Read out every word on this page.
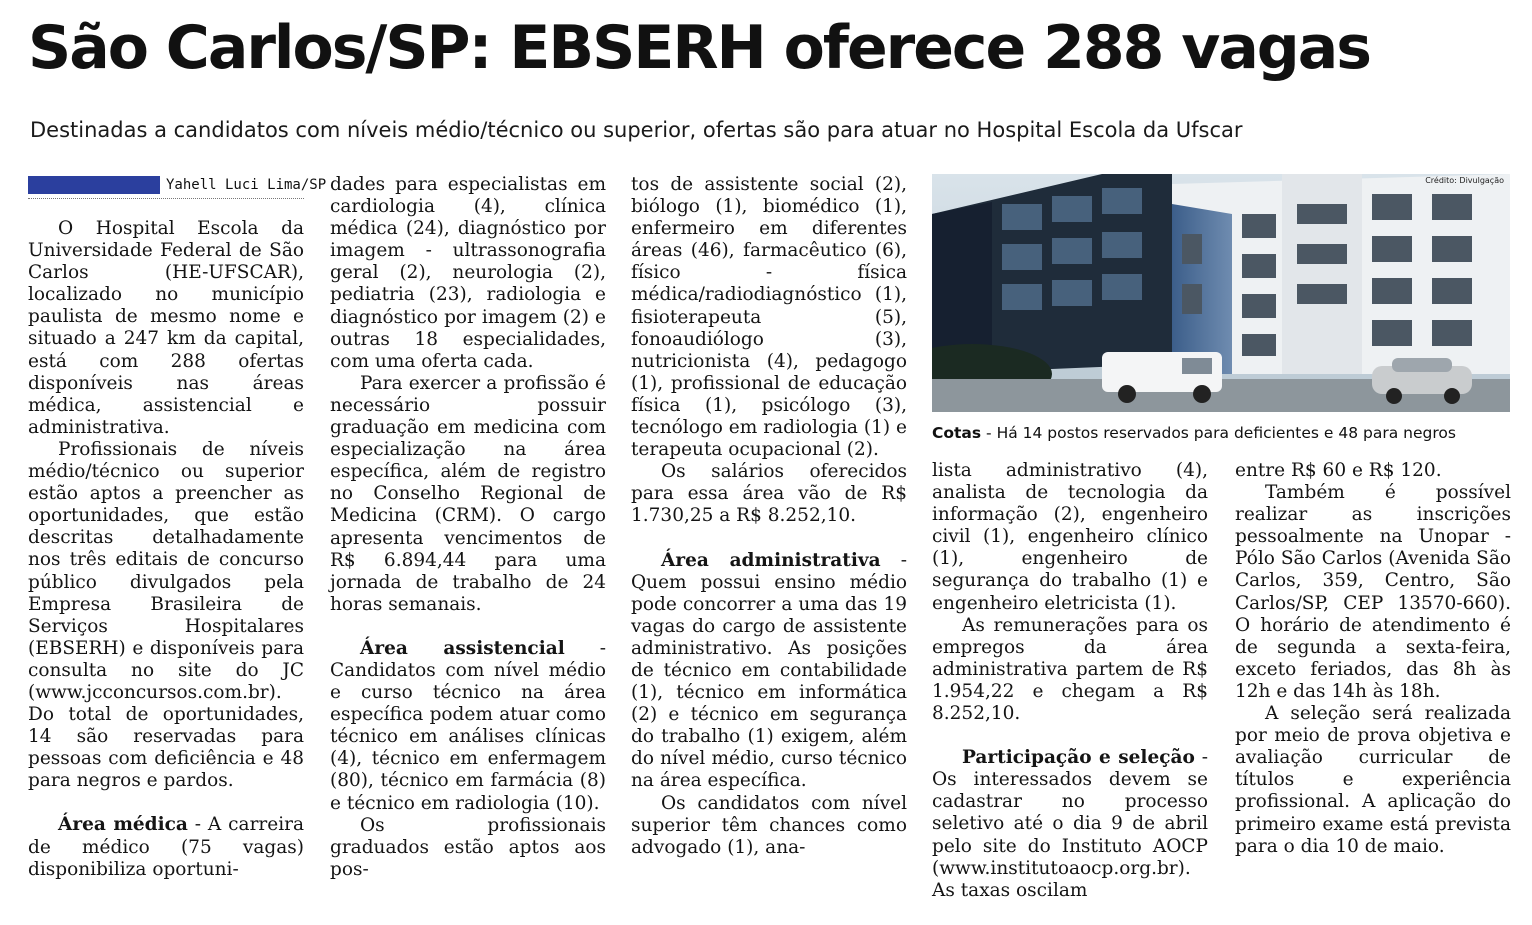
São Carlos/SP: EBSERH oferece 288 vagas
Destinadas a candidatos com níveis médio/técnico ou superior, ofertas são para atuar no Hospital Escola da Ufscar
Yahell Luci Lima/SP

O Hospital Escola da Universidade Federal de São Carlos (HE-UFSCAR), localizado no município paulista de mesmo nome e situado a 247 km da capital, está com 288 ofertas disponíveis nas áreas médica, assistencial e administrativa.

Profissionais de níveis médio/técnico ou superior estão aptos a preencher as oportunidades, que estão descritas detalhadamente nos três editais de concurso público divulgados pela Empresa Brasileira de Serviços Hospitalares (EBSERH) e disponíveis para consulta no site do JC (www.jcconcursos.com.br). Do total de oportunidades, 14 são reservadas para pessoas com deficiência e 48 para negros e pardos.

Área médica - A carreira de médico (75 vagas) disponibiliza oportuni-

dades para especialistas em cardiologia (4), clínica médica (24), diagnóstico por imagem - ultrassonografia geral (2), neurologia (2), pediatria (23), radiologia e diagnóstico por imagem (2) e outras 18 especialidades, com uma oferta cada.

Para exercer a profissão é necessário possuir graduação em medicina com especialização na área específica, além de registro no Conselho Regional de Medicina (CRM). O cargo apresenta vencimentos de R$ 6.894,44 para uma jornada de trabalho de 24 horas semanais.

Área assistencial - Candidatos com nível médio e curso técnico na área específica podem atuar como técnico em análises clínicas (4), técnico em enfermagem (80), técnico em farmácia (8) e técnico em radiologia (10).

Os profissionais graduados estão aptos aos pos-

tos de assistente social (2), biólogo (1), biomédico (1), enfermeiro em diferentes áreas (46), farmacêutico (6), físico - física médica/radiodiagnóstico (1), fisioterapeuta (5), fonoaudiólogo (3), nutricionista (4), pedagogo (1), profissional de educação física (1), psicólogo (3), tecnólogo em radiologia (1) e terapeuta ocupacional (2).

Os salários oferecidos para essa área vão de R$ 1.730,25 a R$ 8.252,10.

Área administrativa - Quem possui ensino médio pode concorrer a uma das 19 vagas do cargo de assistente administrativo. As posições de técnico em contabilidade (1), técnico em informática (2) e técnico em segurança do trabalho (1) exigem, além do nível médio, curso técnico na área específica.

Os candidatos com nível superior têm chances como advogado (1), ana-

Crédito: Divulgação
Cotas - Há 14 postos reservados para deficientes e 48 para negros

lista administrativo (4), analista de tecnologia da informação (2), engenheiro civil (1), engenheiro clínico (1), engenheiro de segurança do trabalho (1) e engenheiro eletricista (1).

As remunerações para os empregos da área administrativa partem de R$ 1.954,22 e chegam a R$ 8.252,10.

Participação e seleção - Os interessados devem se cadastrar no processo seletivo até o dia 9 de abril pelo site do Instituto AOCP (www.institutoaocp.org.br). As taxas oscilam

entre R$ 60 e R$ 120.

Também é possível realizar as inscrições pessoalmente na Unopar - Pólo São Carlos (Avenida São Carlos, 359, Centro, São Carlos/SP, CEP 13570-660). O horário de atendimento é de segunda a sexta-feira, exceto feriados, das 8h às 12h e das 14h às 18h.

A seleção será realizada por meio de prova objetiva e avaliação curricular de títulos e experiência profissional. A aplicação do primeiro exame está prevista para o dia 10 de maio.
